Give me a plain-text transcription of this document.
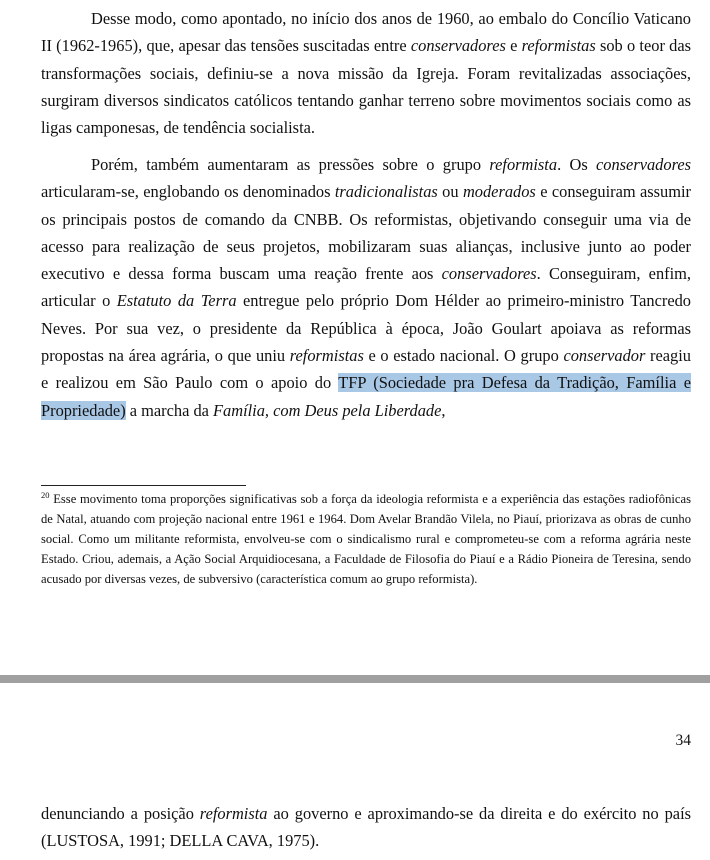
Desse modo, como apontado, no início dos anos de 1960, ao embalo do Concílio Vaticano II (1962-1965), que, apesar das tensões suscitadas entre conservadores e reformistas sob o teor das transformações sociais, definiu-se a nova missão da Igreja. Foram revitalizadas associações, surgiram diversos sindicatos católicos tentando ganhar terreno sobre movimentos sociais como as ligas camponesas, de tendência socialista.

Porém, também aumentaram as pressões sobre o grupo reformista. Os conservadores articularam-se, englobando os denominados tradicionalistas ou moderados e conseguiram assumir os principais postos de comando da CNBB. Os reformistas, objetivando conseguir uma via de acesso para realização de seus projetos, mobilizaram suas alianças, inclusive junto ao poder executivo e dessa forma buscam uma reação frente aos conservadores. Conseguiram, enfim, articular o Estatuto da Terra entregue pelo próprio Dom Hélder ao primeiro-ministro Tancredo Neves. Por sua vez, o presidente da República à época, João Goulart apoiava as reformas propostas na área agrária, o que uniu reformistas e o estado nacional. O grupo conservador reagiu e realizou em São Paulo com o apoio do TFP (Sociedade pra Defesa da Tradição, Família e Propriedade) a marcha da Família, com Deus pela Liberdade,

$^{20}$ Esse movimento toma proporções significativas sob a força da ideologia reformista e a experiência das estações radiofônicas de Natal, atuando com projeção nacional entre 1961 e 1964. Dom Avelar Brandão Vilela, no Piauí, priorizava as obras de cunho social. Como um militante reformista, envolveu-se com o sindicalismo rural e comprometeu-se com a reforma agrária neste Estado. Criou, ademais, a Ação Social Arquidiocesana, a Faculdade de Filosofia do Piauí e a Rádio Pioneira de Teresina, sendo acusado por diversas vezes, de subversivo (característica comum ao grupo reformista).

34

denunciando a posição reformista ao governo e aproximando-se da direita e do exército no país (LUSTOSA, 1991; DELLA CAVA, 1975).
